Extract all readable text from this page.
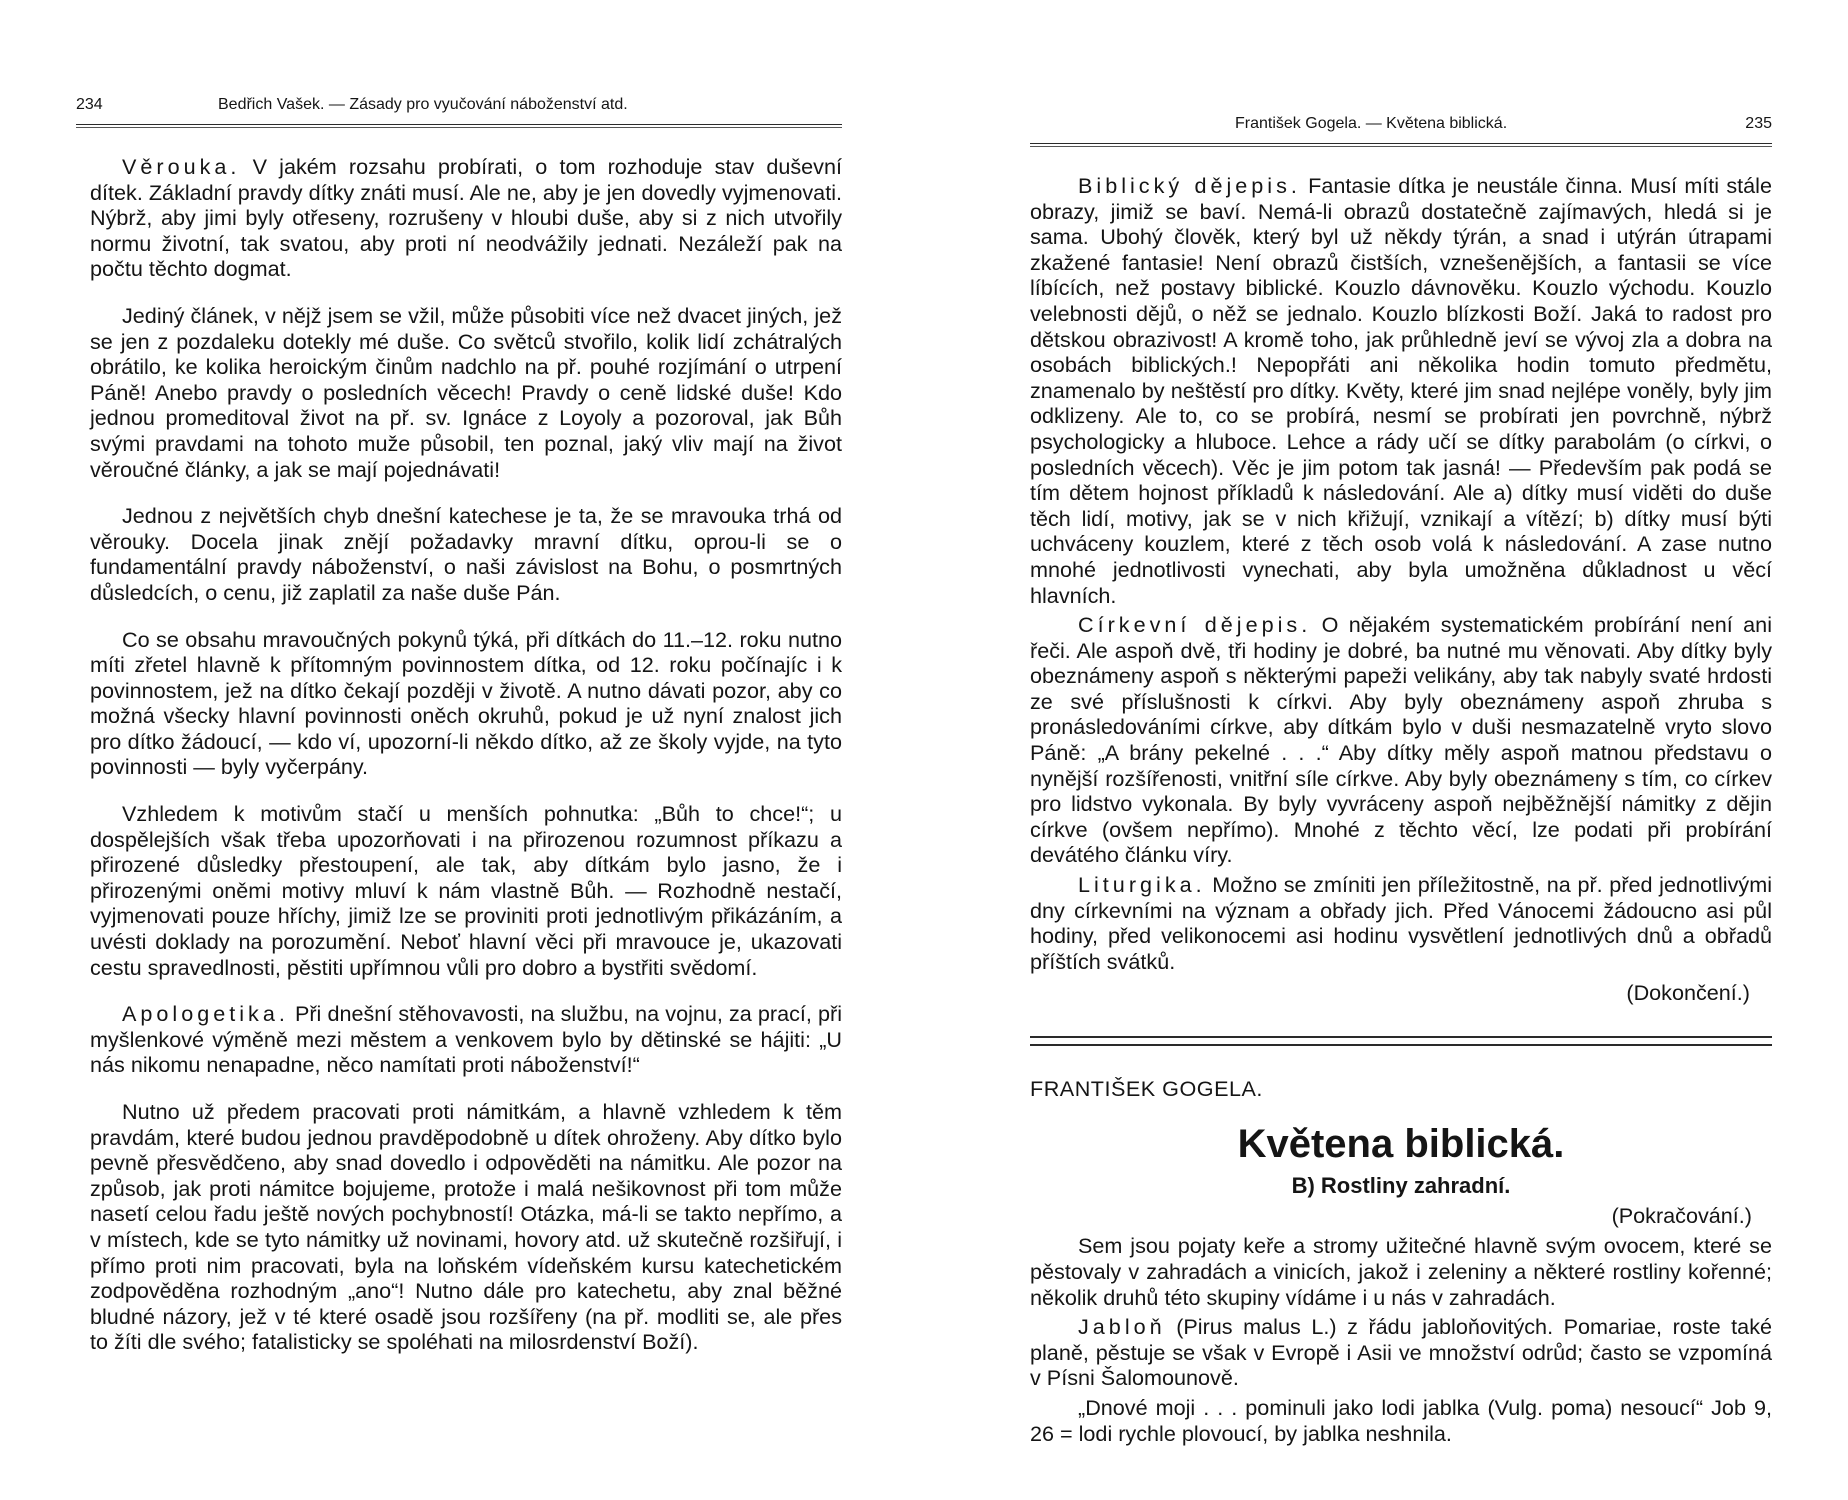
234	Bedřich Vašek. — Zásady pro vyučování náboženství atd.

Věrouka. V jakém rozsahu probírati, o tom rozhoduje stav duševní dítek. Základní pravdy dítky znáti musí. Ale ne, aby je jen dovedly vyjmenovati. Nýbrž, aby jimi byly otřeseny, rozrušeny v hloubi duše, aby si z nich utvořily normu životní, tak svatou, aby proti ní neodvážily jednati. Nezáleží pak na počtu těchto dogmat.

Jediný článek, v nějž jsem se vžil, může působiti více než dvacet jiných, jež se jen z pozdaleku dotekly mé duše. Co světců stvořilo, kolik lidí zchátralých obrátilo, ke kolika heroickým činům nadchlo na př. pouhé rozjímání o utrpení Páně! Anebo pravdy o posledních věcech! Pravdy o ceně lidské duše! Kdo jednou promeditoval život na př. sv. Ignáce z Loyoly a pozoroval, jak Bůh svými pravdami na tohoto muže působil, ten poznal, jaký vliv mají na život věroučné články, a jak se mají pojednávati!

Jednou z největších chyb dnešní katechese je ta, že se mravouka trhá od věrouky. Docela jinak znějí požadavky mravní dítku, oprou-li se o fundamentální pravdy náboženství, o naši závislost na Bohu, o posmrtných důsledcích, o cenu, již zaplatil za naše duše Pán.

Co se obsahu mravoučných pokynů týká, při dítkách do 11.–12. roku nutno míti zřetel hlavně k přítomným povinnostem dítka, od 12. roku počínajíc i k povinnostem, jež na dítko čekají později v životě. A nutno dávati pozor, aby co možná všecky hlavní povinnosti oněch okruhů, pokud je už nyní znalost jich pro dítko žádoucí, — kdo ví, upozorní-li někdo dítko, až ze školy vyjde, na tyto povinnosti — byly vyčerpány.

Vzhledem k motivům stačí u menších pohnutka: „Bůh to chce!“; u dospělejších však třeba upozorňovati i na přirozenou rozumnost příkazu a přirozené důsledky přestoupení, ale tak, aby dítkám bylo jasno, že i přirozenými oněmi motivy mluví k nám vlastně Bůh. — Rozhodně nestačí, vyjmenovati pouze hříchy, jimiž lze se proviniti proti jednotlivým přikázáním, a uvésti doklady na porozumění. Neboť hlavní věci při mravouce je, ukazovati cestu spravedlnosti, pěstiti upřímnou vůli pro dobro a bystřiti svědomí.

Apologetika. Při dnešní stěhovavosti, na službu, na vojnu, za prací, při myšlenkové výměně mezi městem a venkovem bylo by dětinské se hájiti: „U nás nikomu nenapadne, něco namítati proti náboženství!“

Nutno už předem pracovati proti námitkám, a hlavně vzhledem k těm pravdám, které budou jednou pravděpodobně u dítek ohroženy. Aby dítko bylo pevně přesvědčeno, aby snad dovedlo i odpověděti na námitku. Ale pozor na způsob, jak proti námitce bojujeme, protože i malá nešikovnost při tom může nasetí celou řadu ještě nových pochybností! Otázka, má-li se takto nepřímo, a v místech, kde se tyto námitky už novinami, hovory atd. už skutečně rozšiřují, i přímo proti nim pracovati, byla na loňském vídeňském kursu katechetickém zodpověděna rozhodným „ano“! Nutno dále pro katechetu, aby znal běžné bludné názory, jež v té které osadě jsou rozšířeny (na př. modliti se, ale přes to žíti dle svého; fatalisticky se spoléhati na milosrdenství Boží).

František Gogela. — Květena biblická.	235

Biblický dějepis. Fantasie dítka je neustále činna. Musí míti stále obrazy, jimiž se baví. Nemá-li obrazů dostatečně zajímavých, hledá si je sama. Ubohý člověk, který byl už někdy týrán, a snad i utýrán útrapami zkažené fantasie! Není obrazů čistších, vznešenějších, a fantasii se více líbících, než postavy biblické. Kouzlo dávnověku. Kouzlo východu. Kouzlo velebnosti dějů, o něž se jednalo. Kouzlo blízkosti Boží. Jaká to radost pro dětskou obrazivost! A kromě toho, jak průhledně jeví se vývoj zla a dobra na osobách biblických.! Nepopřáti ani několika hodin tomuto předmětu, znamenalo by neštěstí pro dítky. Květy, které jim snad nejlépe voněly, byly jim odklizeny. Ale to, co se probírá, nesmí se probírati jen povrchně, nýbrž psychologicky a hluboce. Lehce a rády učí se dítky parabolám (o církvi, o posledních věcech). Věc je jim potom tak jasná! — Především pak podá se tím dětem hojnost příkladů k následování. Ale a) dítky musí viděti do duše těch lidí, motivy, jak se v nich křižují, vznikají a vítězí; b) dítky musí býti uchváceny kouzlem, které z těch osob volá k následování. A zase nutno mnohé jednotlivosti vynechati, aby byla umožněna důkladnost u věcí hlavních.

Církevní dějepis. O nějakém systematickém probírání není ani řeči. Ale aspoň dvě, tři hodiny je dobré, ba nutné mu věnovati. Aby dítky byly obeznámeny aspoň s některými papeži velikány, aby tak nabyly svaté hrdosti ze své příslušnosti k církvi. Aby byly obeznámeny aspoň zhruba s pronásledováními církve, aby dítkám bylo v duši nesmazatelně vryto slovo Páně: „A brány pekelné . . .“ Aby dítky měly aspoň matnou představu o nynější rozšířenosti, vnitřní síle církve. Aby byly obeznámeny s tím, co církev pro lidstvo vykonala. By byly vyvráceny aspoň nejběžnější námitky z dějin církve (ovšem nepřímo). Mnohé z těchto věcí, lze podati při probírání devátého článku víry.

Liturgika. Možno se zmíniti jen příležitostně, na př. před jednotlivými dny církevními na význam a obřady jich. Před Vánocemi žádoucno asi půl hodiny, před velikonocemi asi hodinu vysvětlení jednotlivých dnů a obřadů příštích svátků.

(Dokončení.)
FRANTIŠEK GOGELA.
Květena biblická.
B) Rostliny zahradní.
(Pokračování.)

Sem jsou pojaty keře a stromy užitečné hlavně svým ovocem, které se pěstovaly v zahradách a vinicích, jakož i zeleniny a některé rostliny kořenné; několik druhů této skupiny vídáme i u nás v zahradách.

Jabloň (Pirus malus L.) z řádu jabloňovitých. Pomariae, roste také planě, pěstuje se však v Evropě i Asii ve množství odrůd; často se vzpomíná v Písni Šalomounově.

„Dnové moji . . . pominuli jako lodi jablka (Vulg. poma) nesoucí“ Job 9, 26 = lodi rychle plovoucí, by jablka neshnila.
